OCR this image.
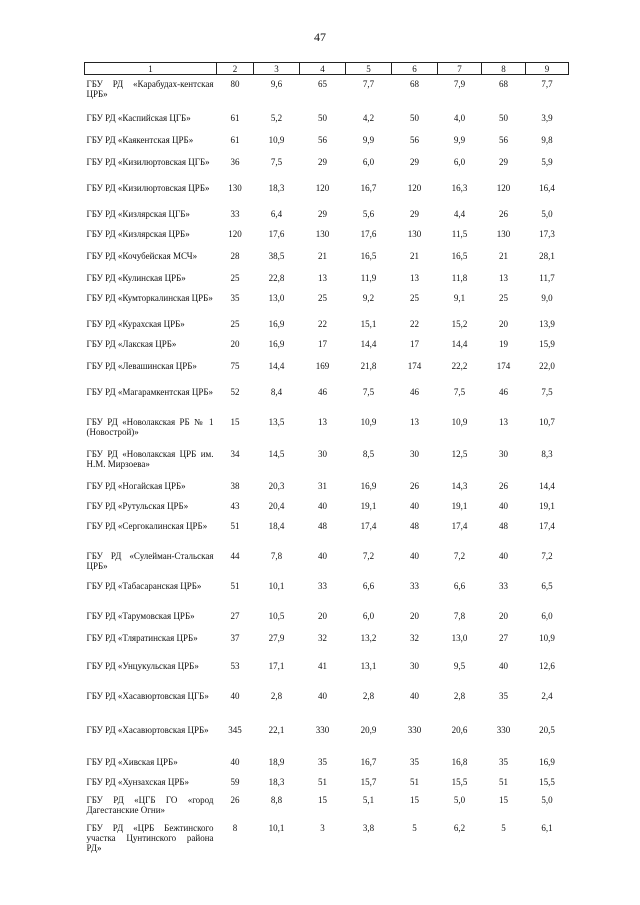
47
1	2	3	4	5	6	7	8	9
ГБУ РД «Карабудах-кентская ЦРБ»	80	9,6	65	7,7	68	7,9	68	7,7
ГБУ РД «Каспийская ЦГБ»	61	5,2	50	4,2	50	4,0	50	3,9
ГБУ РД «Каякентская ЦРБ»	61	10,9	56	9,9	56	9,9	56	9,8
ГБУ РД «Кизилюртовская ЦГБ»	36	7,5	29	6,0	29	6,0	29	5,9
ГБУ РД «Кизилюртовская ЦРБ»	130	18,3	120	16,7	120	16,3	120	16,4
ГБУ РД «Кизлярская ЦГБ»	33	6,4	29	5,6	29	4,4	26	5,0
ГБУ РД «Кизлярская ЦРБ»	120	17,6	130	17,6	130	11,5	130	17,3
ГБУ РД «Кочубейская МСЧ»	28	38,5	21	16,5	21	16,5	21	28,1
ГБУ РД «Кулинская ЦРБ»	25	22,8	13	11,9	13	11,8	13	11,7
ГБУ РД «Кумторкалинская ЦРБ»	35	13,0	25	9,2	25	9,1	25	9,0
ГБУ РД «Курахская ЦРБ»	25	16,9	22	15,1	22	15,2	20	13,9
ГБУ РД «Лакская ЦРБ»	20	16,9	17	14,4	17	14,4	19	15,9
ГБУ РД «Левашинская ЦРБ»	75	14,4	169	21,8	174	22,2	174	22,0
ГБУ РД «Магарамкентская ЦРБ»	52	8,4	46	7,5	46	7,5	46	7,5
ГБУ РД «Новолакская РБ № 1 (Новострой)»	15	13,5	13	10,9	13	10,9	13	10,7
ГБУ РД «Новолакская ЦРБ им. Н.М. Мирзоева»	34	14,5	30	8,5	30	12,5	30	8,3
ГБУ РД «Ногайская ЦРБ»	38	20,3	31	16,9	26	14,3	26	14,4
ГБУ РД «Рутульская ЦРБ»	43	20,4	40	19,1	40	19,1	40	19,1
ГБУ РД «Сергокалинская ЦРБ»	51	18,4	48	17,4	48	17,4	48	17,4
ГБУ РД «Сулейман-Стальская ЦРБ»	44	7,8	40	7,2	40	7,2	40	7,2
ГБУ РД «Табасаранская ЦРБ»	51	10,1	33	6,6	33	6,6	33	6,5
ГБУ РД «Тарумовская ЦРБ»	27	10,5	20	6,0	20	7,8	20	6,0
ГБУ РД «Тляратинская ЦРБ»	37	27,9	32	13,2	32	13,0	27	10,9
ГБУ РД «Унцукульская ЦРБ»	53	17,1	41	13,1	30	9,5	40	12,6
ГБУ РД «Хасавюртовская ЦГБ»	40	2,8	40	2,8	40	2,8	35	2,4
ГБУ РД «Хасавюртовская ЦРБ»	345	22,1	330	20,9	330	20,6	330	20,5
ГБУ РД «Хивская ЦРБ»	40	18,9	35	16,7	35	16,8	35	16,9
ГБУ РД «Хунзахская ЦРБ»	59	18,3	51	15,7	51	15,5	51	15,5
ГБУ РД «ЦГБ ГО «город Дагестанские Огни»	26	8,8	15	5,1	15	5,0	15	5,0
ГБУ РД «ЦРБ Бежтинского участка Цунтинского района РД»	8	10,1	3	3,8	5	6,2	5	6,1
